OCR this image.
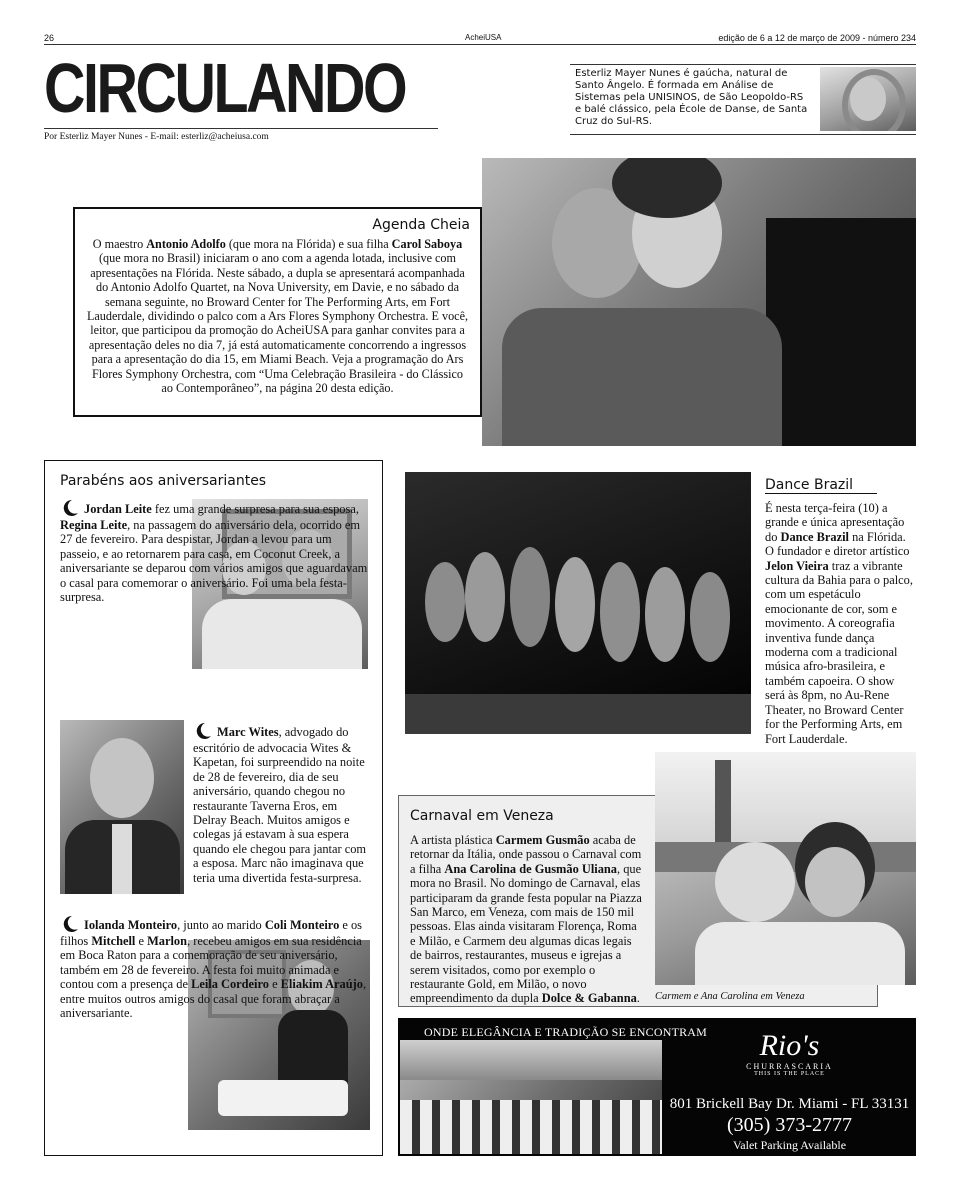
26	AcheiUSA	edição de 6 a 12 de março de 2009 - número 234
CIRCULANDO
Por Esterliz Mayer Nunes - E-mail: esterliz@acheiusa.com
Esterliz Mayer Nunes é gaúcha, natural de Santo Ângelo. É formada em Análise de Sistemas pela UNISINOS, de São Leopoldo-RS e balé clássico, pela École de Danse, de Santa Cruz do Sul-RS.
Agenda Cheia

O maestro Antonio Adolfo (que mora na Flórida) e sua filha Carol Saboya (que mora no Brasil) iniciaram o ano com a agenda lotada, inclusive com apresentações na Flórida. Neste sábado, a dupla se apresentará acompanhada do Antonio Adolfo Quartet, na Nova University, em Davie, e no sábado da semana seguinte, no Broward Center for The Performing Arts, em Fort Lauderdale, dividindo o palco com a Ars Flores Symphony Orchestra. E você, leitor, que participou da promoção do AcheiUSA para ganhar convites para a apresentação deles no dia 7, já está automaticamente concorrendo a ingressos para a apresentação do dia 15, em Miami Beach. Veja a programação do Ars Flores Symphony Orchestra, com “Uma Celebração Brasileira - do Clássico ao Contemporâneo”, na página 20 desta edição.

Parabéns aos aniversariantes

Jordan Leite fez uma grande surpresa para sua esposa, Regina Leite, na passagem do aniversário dela, ocorrido em 27 de fevereiro. Para despistar, Jordan a levou para um passeio, e ao retornarem para casa, em Coconut Creek, a aniversariante se deparou com vários amigos que aguardavam o casal para comemorar o aniversário. Foi uma bela festa-surpresa.

Marc Wites, advogado do escritório de advocacia Wites & Kapetan, foi surpreendido na noite de 28 de fevereiro, dia de seu aniversário, quando chegou no restaurante Taverna Eros, em Delray Beach. Muitos amigos e colegas já estavam à sua espera quando ele chegou para jantar com a esposa. Marc não imaginava que teria uma divertida festa-surpresa.

Iolanda Monteiro, junto ao marido Coli Monteiro e os filhos Mitchell e Marlon, recebeu amigos em sua residência em Boca Raton para a comemoração de seu aniversário, também em 28 de fevereiro. A festa foi muito animada e contou com a presença de Leila Cordeiro e Eliakim Araújo, entre muitos outros amigos do casal que foram abraçar a aniversariante.

Dance Brazil

É nesta terça-feira (10) a grande e única apresentação do Dance Brazil na Flórida. O fundador e diretor artístico Jelon Vieira traz a vibrante cultura da Bahia para o palco, com um espetáculo emocionante de cor, som e movimento. A coreografia inventiva funde dança moderna com a tradicional música afro-brasileira, e também capoeira. O show será às 8pm, no Au-Rene Theater, no Broward Center for the Performing Arts, em Fort Lauderdale.

Carnaval em Veneza

A artista plástica Carmem Gusmão acaba de retornar da Itália, onde passou o Carnaval com a filha Ana Carolina de Gusmão Uliana, que mora no Brasil. No domingo de Carnaval, elas participaram da grande festa popular na Piazza San Marco, em Veneza, com mais de 150 mil pessoas. Elas ainda visitaram Florença, Roma e Milão, e Carmem deu algumas dicas legais de bairros, restaurantes, museus e igrejas a serem visitados, como por exemplo o restaurante Gold, em Milão, o novo empreendimento da dupla Dolce & Gabanna.	Carmem e Ana Carolina em Veneza
ONDE ELEGÂNCIA E TRADIÇÃO SE ENCONTRAM	Rio's
CHURRASCARIA
THIS IS THE PLACE
801 Brickell Bay Dr. Miami - FL 33131
(305) 373-2777
Valet Parking Available
